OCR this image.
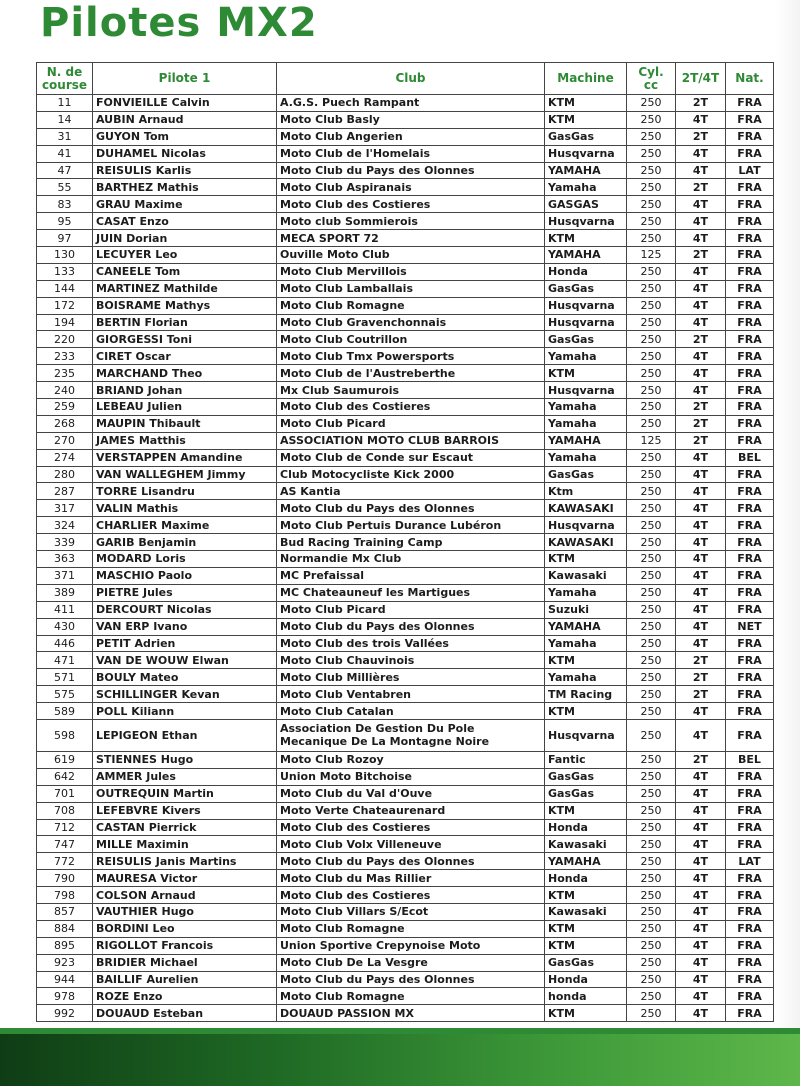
Pilotes MX2
N. de course	Pilote 1	Club	Machine	Cyl. cc	2T/4T	Nat.
11	FONVIEILLE Calvin	A.G.S. Puech Rampant	KTM	250	2T	FRA
14	AUBIN Arnaud	Moto Club Basly	KTM	250	4T	FRA
31	GUYON Tom	Moto Club Angerien	GasGas	250	2T	FRA
41	DUHAMEL Nicolas	Moto Club de l'Homelais	Husqvarna	250	4T	FRA
47	REISULIS Karlis	Moto Club du Pays des Olonnes	YAMAHA	250	4T	LAT
55	BARTHEZ Mathis	Moto Club Aspiranais	Yamaha	250	2T	FRA
83	GRAU Maxime	Moto Club des Costieres	GASGAS	250	4T	FRA
95	CASAT Enzo	Moto club Sommierois	Husqvarna	250	4T	FRA
97	JUIN Dorian	MECA SPORT 72	KTM	250	4T	FRA
130	LECUYER Leo	Ouville Moto Club	YAMAHA	125	2T	FRA
133	CANEELE Tom	Moto Club Mervillois	Honda	250	4T	FRA
144	MARTINEZ Mathilde	Moto Club Lamballais	GasGas	250	4T	FRA
172	BOISRAME Mathys	Moto Club Romagne	Husqvarna	250	4T	FRA
194	BERTIN Florian	Moto Club Gravenchonnais	Husqvarna	250	4T	FRA
220	GIORGESSI Toni	Moto Club Coutrillon	GasGas	250	2T	FRA
233	CIRET Oscar	Moto Club Tmx Powersports	Yamaha	250	4T	FRA
235	MARCHAND Theo	Moto Club de l'Austreberthe	KTM	250	4T	FRA
240	BRIAND Johan	Mx Club Saumurois	Husqvarna	250	4T	FRA
259	LEBEAU Julien	Moto Club des Costieres	Yamaha	250	2T	FRA
268	MAUPIN Thibault	Moto Club Picard	Yamaha	250	2T	FRA
270	JAMES Matthis	ASSOCIATION MOTO CLUB BARROIS	YAMAHA	125	2T	FRA
274	VERSTAPPEN Amandine	Moto Club de Conde sur Escaut	Yamaha	250	4T	BEL
280	VAN WALLEGHEM Jimmy	Club Motocycliste Kick 2000	GasGas	250	4T	FRA
287	TORRE Lisandru	AS Kantia	Ktm	250	4T	FRA
317	VALIN Mathis	Moto Club du Pays des Olonnes	KAWASAKI	250	4T	FRA
324	CHARLIER Maxime	Moto Club Pertuis Durance Lubéron	Husqvarna	250	4T	FRA
339	GARIB Benjamin	Bud Racing Training Camp	KAWASAKI	250	4T	FRA
363	MODARD Loris	Normandie Mx Club	KTM	250	4T	FRA
371	MASCHIO Paolo	MC Prefaissal	Kawasaki	250	4T	FRA
389	PIETRE Jules	MC Chateauneuf les Martigues	Yamaha	250	4T	FRA
411	DERCOURT Nicolas	Moto Club Picard	Suzuki	250	4T	FRA
430	VAN ERP Ivano	Moto Club du Pays des Olonnes	YAMAHA	250	4T	NET
446	PETIT Adrien	Moto Club des trois Vallées	Yamaha	250	4T	FRA
471	VAN DE WOUW Elwan	Moto Club Chauvinois	KTM	250	2T	FRA
571	BOULY Mateo	Moto Club Millières	Yamaha	250	2T	FRA
575	SCHILLINGER Kevan	Moto Club Ventabren	TM Racing	250	2T	FRA
589	POLL Kiliann	Moto Club Catalan	KTM	250	4T	FRA
598	LEPIGEON Ethan	Association De Gestion Du Pole Mecanique De La Montagne Noire	Husqvarna	250	4T	FRA
619	STIENNES Hugo	Moto Club Rozoy	Fantic	250	2T	BEL
642	AMMER Jules	Union Moto Bitchoise	GasGas	250	4T	FRA
701	OUTREQUIN Martin	Moto Club du Val d'Ouve	GasGas	250	4T	FRA
708	LEFEBVRE Kivers	Moto Verte Chateaurenard	KTM	250	4T	FRA
712	CASTAN Pierrick	Moto Club des Costieres	Honda	250	4T	FRA
747	MILLE Maximin	Moto Club Volx Villeneuve	Kawasaki	250	4T	FRA
772	REISULIS Janis Martins	Moto Club du Pays des Olonnes	YAMAHA	250	4T	LAT
790	MAURESA Victor	Moto Club du Mas Rillier	Honda	250	4T	FRA
798	COLSON Arnaud	Moto Club des Costieres	KTM	250	4T	FRA
857	VAUTHIER Hugo	Moto Club Villars S/Ecot	Kawasaki	250	4T	FRA
884	BORDINI Leo	Moto Club Romagne	KTM	250	4T	FRA
895	RIGOLLOT Francois	Union Sportive Crepynoise Moto	KTM	250	4T	FRA
923	BRIDIER Michael	Moto Club De La Vesgre	GasGas	250	4T	FRA
944	BAILLIF Aurelien	Moto Club du Pays des Olonnes	Honda	250	4T	FRA
978	ROZE Enzo	Moto Club Romagne	honda	250	4T	FRA
992	DOUAUD Esteban	DOUAUD PASSION MX	KTM	250	4T	FRA
